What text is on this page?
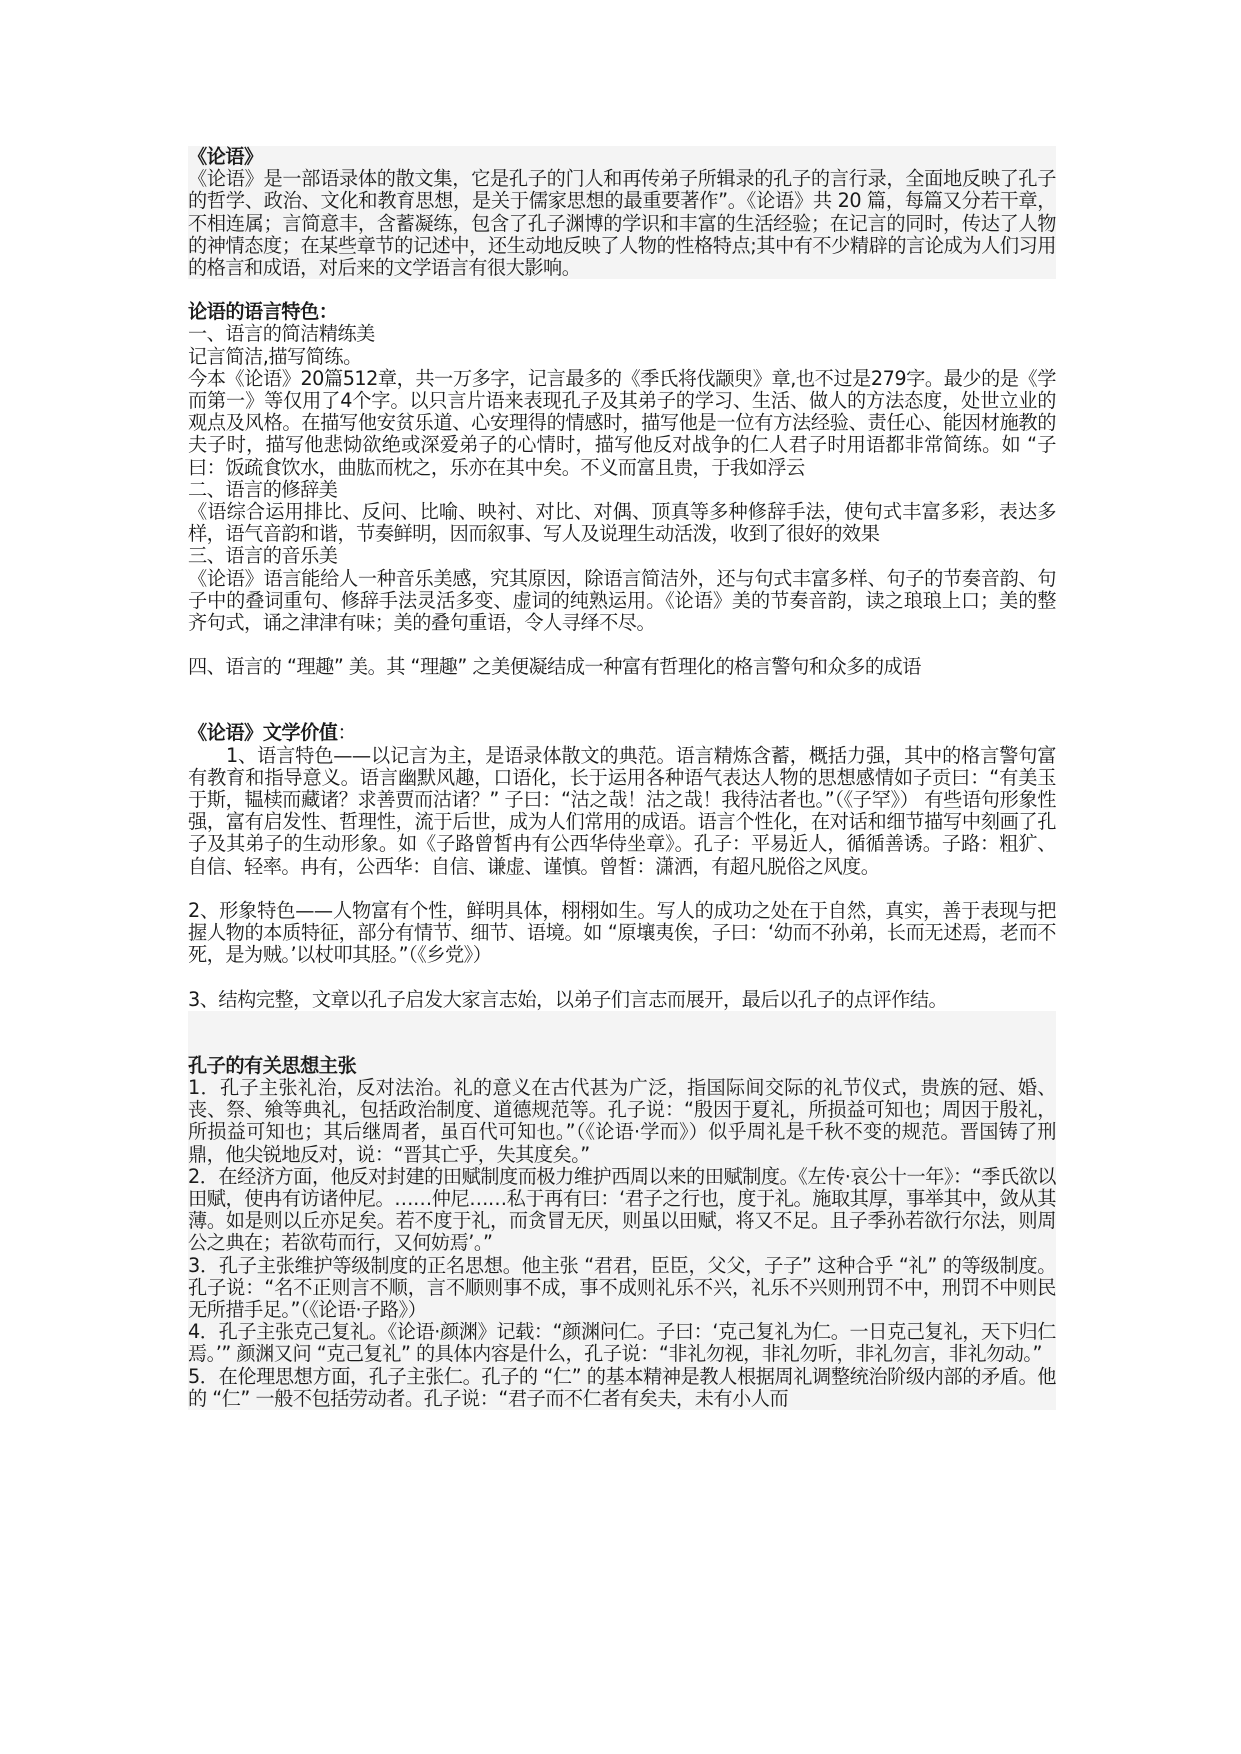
《论语》

《论语》是一部语录体的散文集，它是孔子的门人和再传弟子所辑录的孔子的言行录，全面地反映了孔子的哲学、政治、文化和教育思想，是关于儒家思想的最重要著作”。《论语》共 20 篇，每篇又分若干章，不相连属；言简意丰，含蓄凝练，包含了孔子渊博的学识和丰富的生活经验；在记言的同时，传达了人物的神情态度；在某些章节的记述中，还生动地反映了人物的性格特点;其中有不少精辟的言论成为人们习用的格言和成语，对后来的文学语言有很大影响。

论语的语言特色：

一、语言的简洁精练美

记言简洁,描写简练。

今本《论语》20篇512章，共一万多字，记言最多的《季氏将伐颛臾》章,也不过是279字。最少的是《学而第一》等仅用了4个字。以只言片语来表现孔子及其弟子的学习、生活、做人的方法态度，处世立业的观点及风格。在描写他安贫乐道、心安理得的情感时，描写他是一位有方法经验、责任心、能因材施教的夫子时，描写他悲恸欲绝或深爱弟子的心情时，描写他反对战争的仁人君子时用语都非常简练。如 “子曰：饭疏食饮水，曲肱而枕之，乐亦在其中矣。不义而富且贵，于我如浮云

二、语言的修辞美

《语综合运用排比、反问、比喻、映衬、对比、对偶、顶真等多种修辞手法，使句式丰富多彩，表达多样，语气音韵和谐，节奏鲜明，因而叙事、写人及说理生动活泼，收到了很好的效果

三、语言的音乐美

《论语》语言能给人一种音乐美感，究其原因，除语言简洁外，还与句式丰富多样、句子的节奏音韵、句子中的叠词重句、修辞手法灵活多变、虚词的纯熟运用。《论语》美的节奏音韵，读之琅琅上口；美的整齐句式，诵之津津有味；美的叠句重语，令人寻绎不尽。

四、语言的 “理趣” 美。其 “理趣” 之美便凝结成一种富有哲理化的格言警句和众多的成语

《论语》文学价值：

1、语言特色——以记言为主，是语录体散文的典范。语言精炼含蓄，概括力强，其中的格言警句富有教育和指导意义。语言幽默风趣，口语化，长于运用各种语气表达人物的思想感情如子贡曰：“有美玉于斯，韫椟而藏诸？求善贾而沽诸？” 子曰：“沽之哉！沽之哉！我待沽者也。”（《子罕》） 有些语句形象性强，富有启发性、哲理性，流于后世，成为人们常用的成语。语言个性化，在对话和细节描写中刻画了孔子及其弟子的生动形象。如《子路曾皙冉有公西华侍坐章》。孔子：平易近人，循循善诱。子路：粗犷、自信、轻率。冉有，公西华：自信、谦虚、谨慎。曾皙：潇洒，有超凡脱俗之风度。

2、形象特色——人物富有个性，鲜明具体，栩栩如生。写人的成功之处在于自然，真实，善于表现与把握人物的本质特征，部分有情节、细节、语境。如 “原壤夷俟，子曰：‘幼而不孙弟，长而无述焉，老而不死，是为贼。’以杖叩其胫。”（《乡党》）

3、结构完整，文章以孔子启发大家言志始，以弟子们言志而展开，最后以孔子的点评作结。

孔子的有关思想主张

1．孔子主张礼治，反对法治。礼的意义在古代甚为广泛，指国际间交际的礼节仪式，贵族的冠、婚、丧、祭、飨等典礼，包括政治制度、道德规范等。孔子说：“殷因于夏礼，所损益可知也；周因于殷礼，所损益可知也；其后继周者，虽百代可知也。”（《论语·学而》）似乎周礼是千秋不变的规范。晋国铸了刑鼎，他尖锐地反对，说：“晋其亡乎，失其度矣。”

2．在经济方面，他反对封建的田赋制度而极力维护西周以来的田赋制度。《左传·哀公十一年》：“季氏欲以田赋，使冉有访诸仲尼。……仲尼……私于再有曰：‘君子之行也，度于礼。施取其厚，事举其中，敛从其薄。如是则以丘亦足矣。若不度于礼，而贪冒无厌，则虽以田赋，将又不足。且子季孙若欲行尔法，则周公之典在；若欲苟而行，又何妨焉’。”

3．孔子主张维护等级制度的正名思想。他主张 “君君，臣臣，父父，子子” 这种合乎 “礼” 的等级制度。孔子说：“名不正则言不顺，言不顺则事不成，事不成则礼乐不兴，礼乐不兴则刑罚不中，刑罚不中则民无所措手足。”（《论语·子路》）

4．孔子主张克己复礼。《论语·颜渊》记载：“颜渊问仁。子曰：‘克己复礼为仁。一日克己复礼，天下归仁焉。’” 颜渊又问 “克己复礼” 的具体内容是什么，孔子说：“非礼勿视，非礼勿听，非礼勿言，非礼勿动。”

5．在伦理思想方面，孔子主张仁。孔子的 “仁” 的基本精神是教人根据周礼调整统治阶级内部的矛盾。他的 “仁” 一般不包括劳动者。孔子说：“君子而不仁者有矣夫，未有小人而
